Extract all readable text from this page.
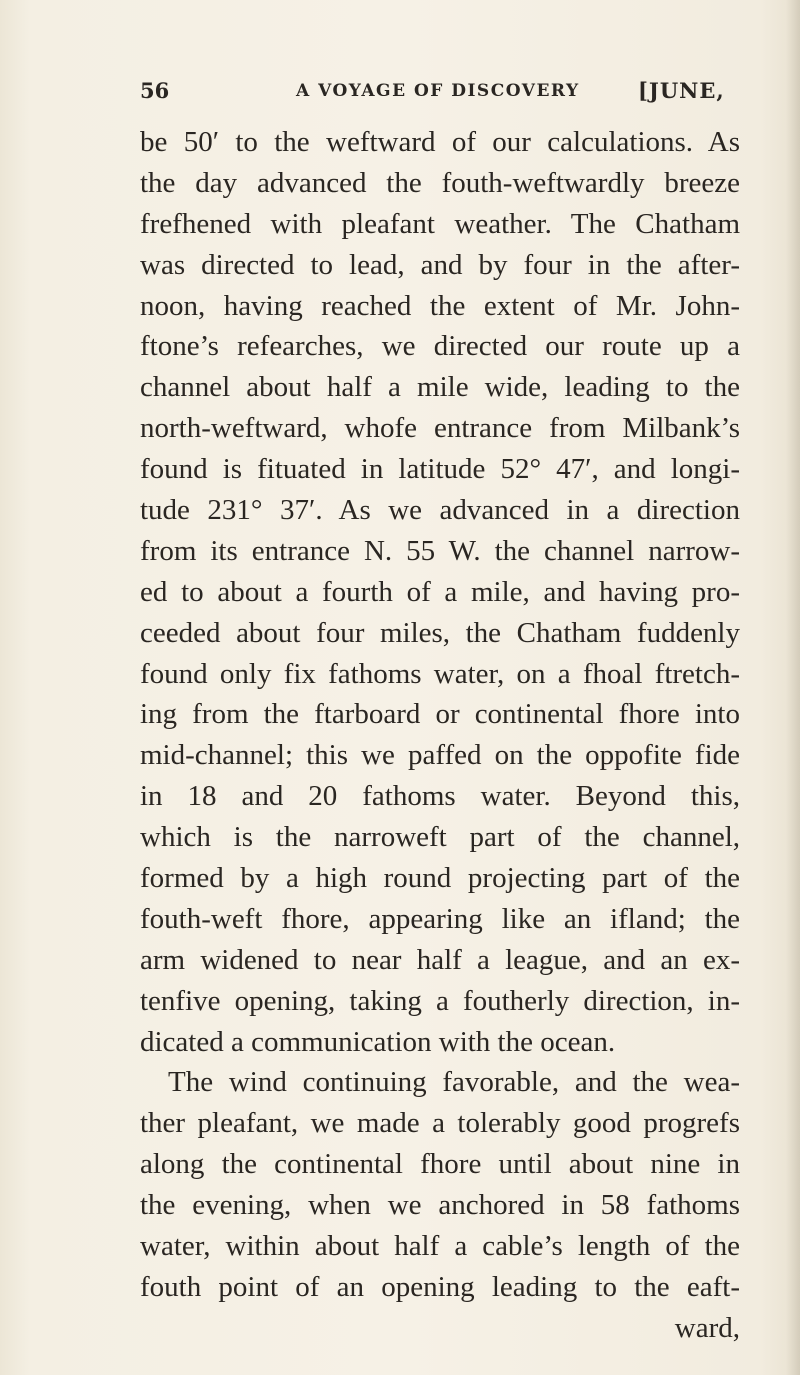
56	A VOYAGE OF DISCOVERY	[JUNE,
be 50′ to the weftward of our calculations. As
the day advanced the fouth-weftwardly breeze
frefhened with pleafant weather. The Chatham
was directed to lead, and by four in the after-
noon, having reached the extent of Mr. John-
ftone’s refearches, we directed our route up a
channel about half a mile wide, leading to the
north-weftward, whofe entrance from Milbank’s
found is fituated in latitude 52° 47′, and longi-
tude 231° 37′. As we advanced in a direction
from its entrance N. 55 W. the channel narrow-
ed to about a fourth of a mile, and having pro-
ceeded about four miles, the Chatham fuddenly
found only fix fathoms water, on a fhoal ftretch-
ing from the ftarboard or continental fhore into
mid-channel; this we paffed on the oppofite fide
in 18 and 20 fathoms water. Beyond this,
which is the narroweft part of the channel,
formed by a high round projecting part of the
fouth-weft fhore, appearing like an ifland; the
arm widened to near half a league, and an ex-
tenfive opening, taking a foutherly direction, in-
dicated a communication with the ocean.
The wind continuing favorable, and the wea-
ther pleafant, we made a tolerably good progrefs
along the continental fhore until about nine in
the evening, when we anchored in 58 fathoms
water, within about half a cable’s length of the
fouth point of an opening leading to the eaft-
ward,
